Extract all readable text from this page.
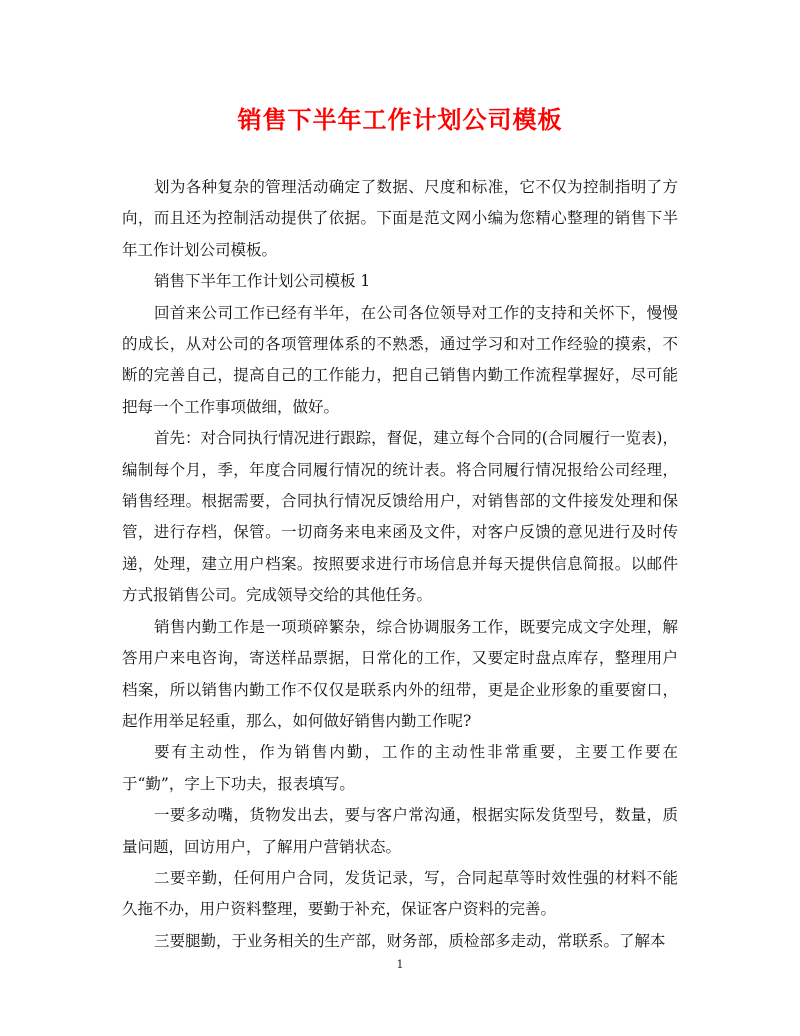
销售下半年工作计划公司模板

划为各种复杂的管理活动确定了数据、尺度和标准，它不仅为控制指明了方向，而且还为控制活动提供了依据。下面是范文网小编为您精心整理的销售下半年工作计划公司模板。

销售下半年工作计划公司模板 1

回首来公司工作已经有半年，在公司各位领导对工作的支持和关怀下，慢慢的成长，从对公司的各项管理体系的不熟悉，通过学习和对工作经验的摸索，不断的完善自己，提高自己的工作能力，把自己销售内勤工作流程掌握好，尽可能把每一个工作事项做细，做好。

首先：对合同执行情况进行跟踪，督促，建立每个合同的(合同履行一览表)，编制每个月，季，年度合同履行情况的统计表。将合同履行情况报给公司经理，销售经理。根据需要，合同执行情况反馈给用户，对销售部的文件接发处理和保管，进行存档，保管。一切商务来电来函及文件，对客户反馈的意见进行及时传递，处理，建立用户档案。按照要求进行市场信息并每天提供信息简报。以邮件方式报销售公司。完成领导交给的其他任务。

销售内勤工作是一项琐碎繁杂，综合协调服务工作，既要完成文字处理，解答用户来电咨询，寄送样品票据，日常化的工作，又要定时盘点库存，整理用户档案，所以销售内勤工作不仅仅是联系内外的纽带，更是企业形象的重要窗口，起作用举足轻重，那么，如何做好销售内勤工作呢?

要有主动性，作为销售内勤，工作的主动性非常重要，主要工作要在于“勤”，字上下功夫，报表填写。

一要多动嘴，货物发出去，要与客户常沟通，根据实际发货型号，数量，质量问题，回访用户，了解用户营销状态。

二要辛勤，任何用户合同，发货记录，写，合同起草等时效性强的材料不能久拖不办，用户资料整理，要勤于补充，保证客户资料的完善。

三要腿勤，于业务相关的生产部，财务部，质检部多走动，常联系。了解本

1
